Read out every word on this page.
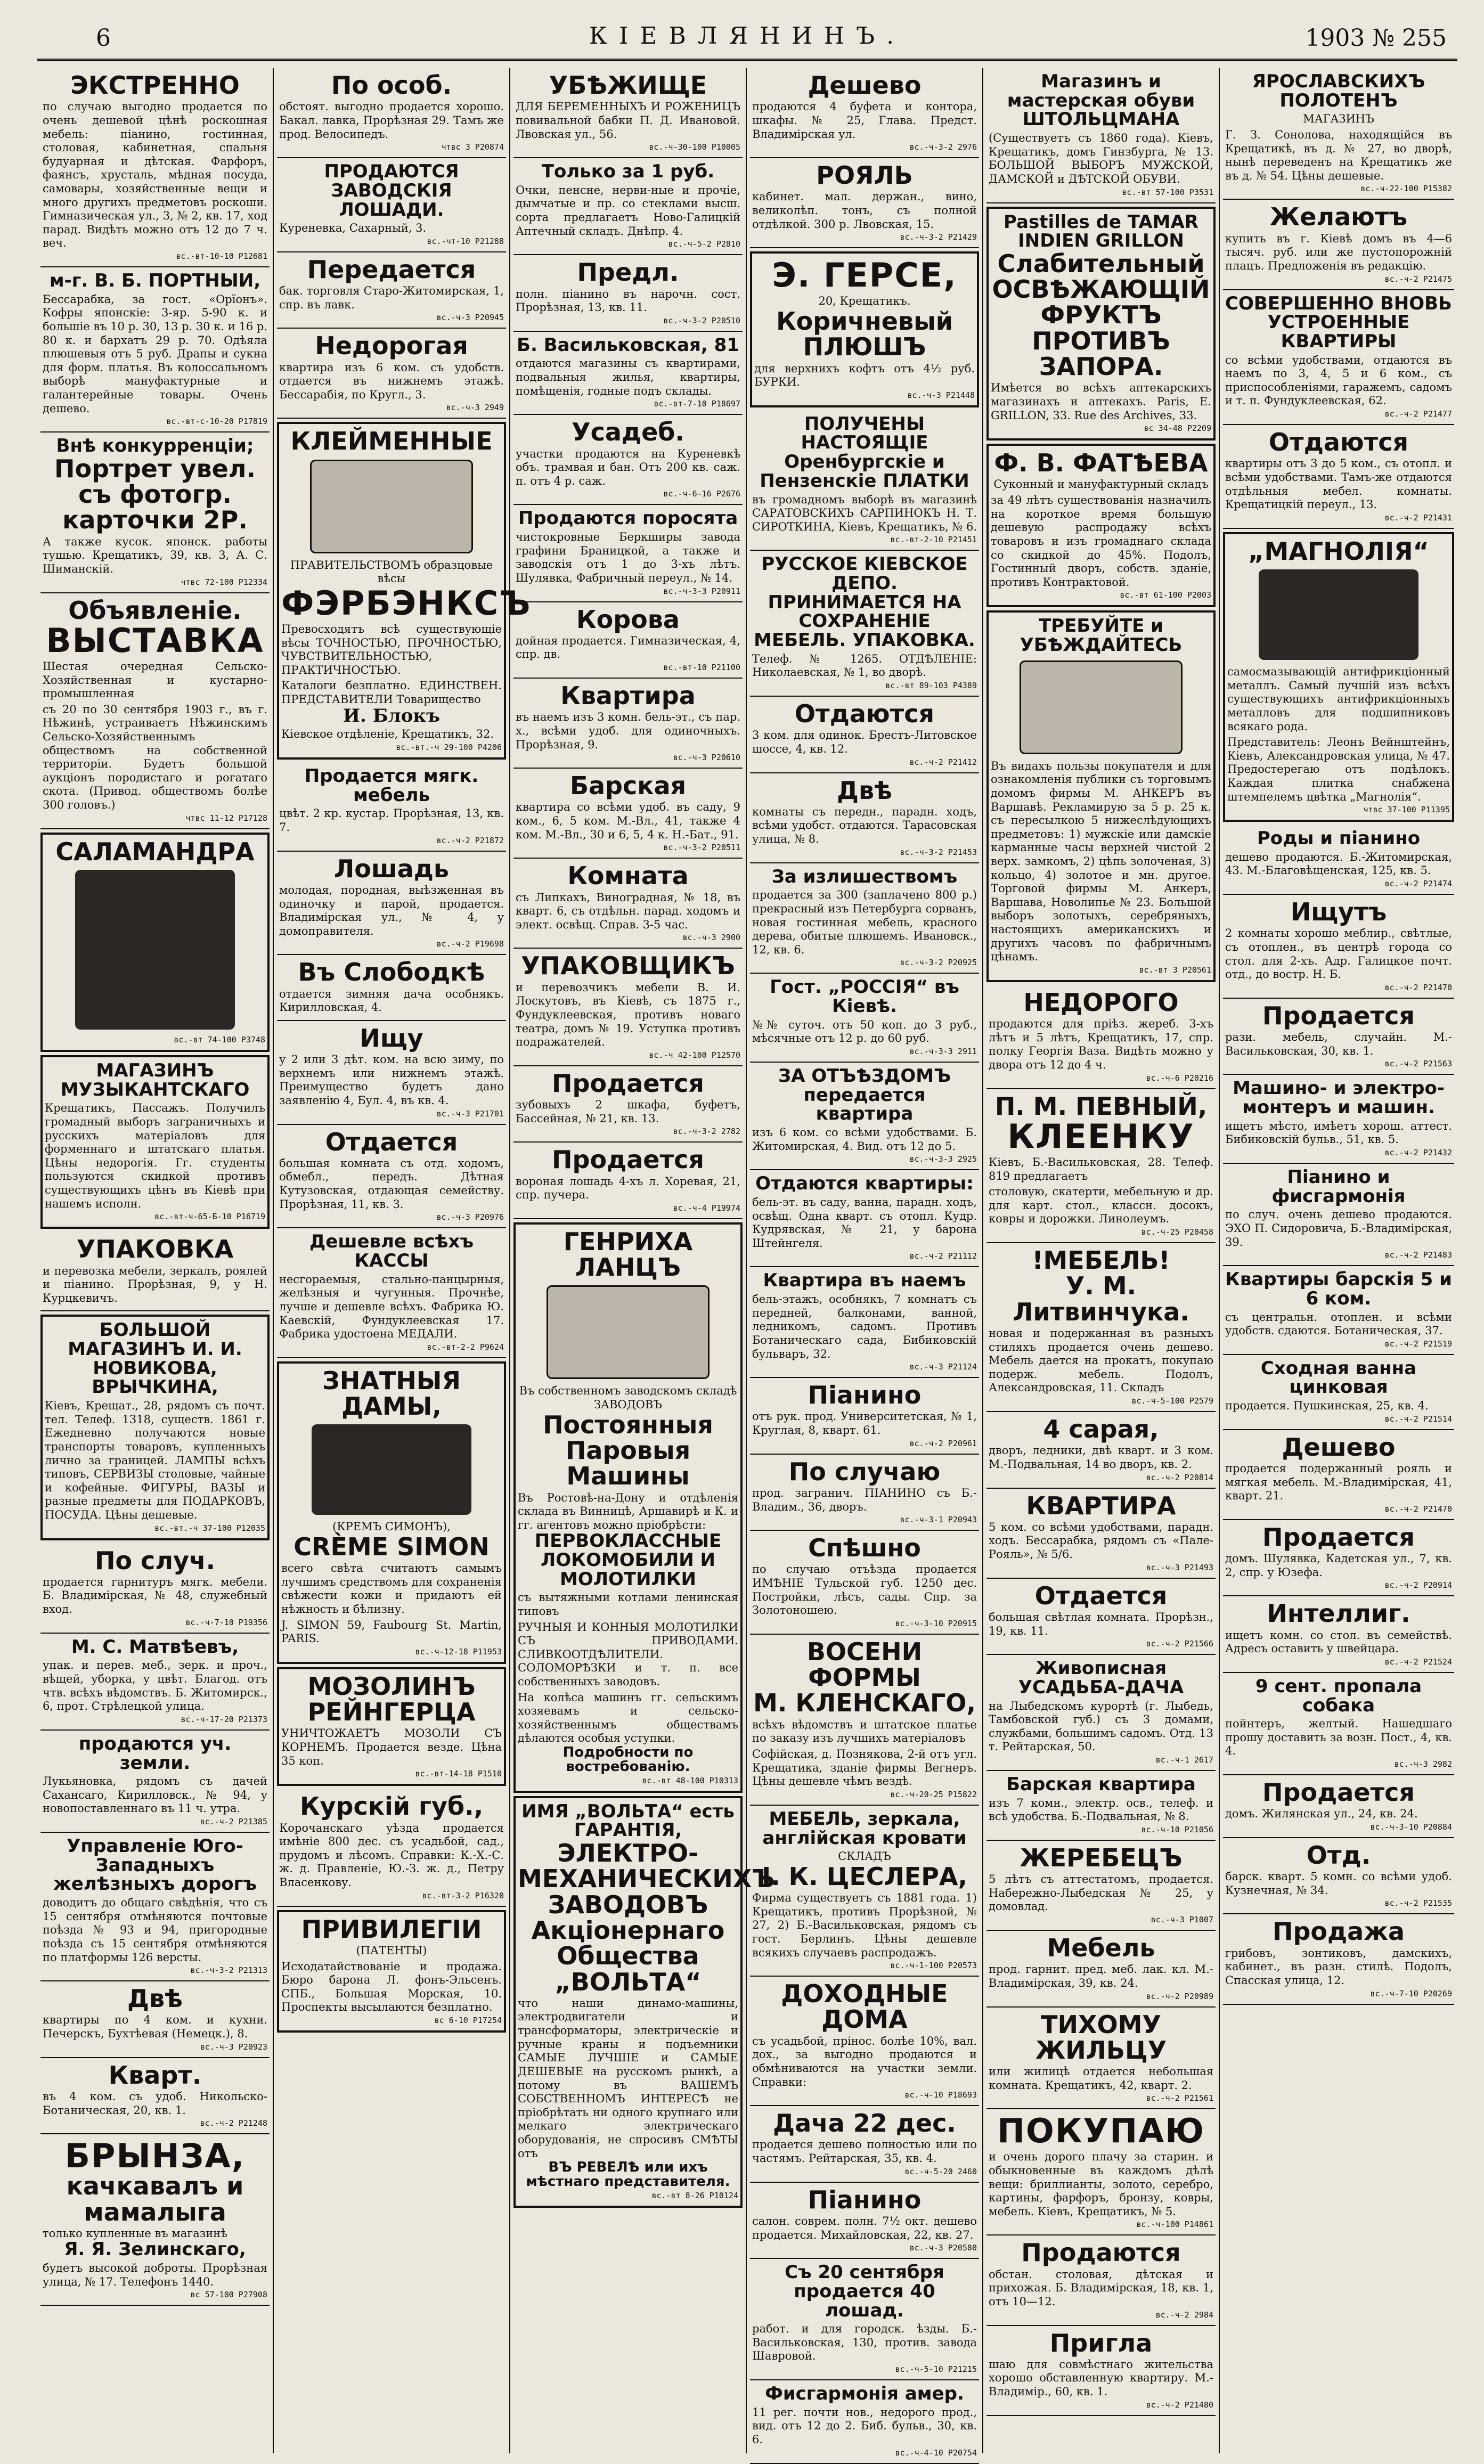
6	КІЕВЛЯНИНЪ.	1903 № 255
ЭКСТРЕННО
по случаю выгодно продается по очень дешевой цѣнѣ роскошная мебель: піанино, гостинная, столовая, кабинетная, спальня будуарная и дѣтская. Фарфоръ, фаянсъ, хрусталь, мѣдная посуда, самовары, хозяйственные вещи и много другихъ предметовъ роскоши. Гимназическая ул., 3, № 2, кв. 17, ход парад. Видѣть можно отъ 12 до 7 ч. веч.
вс.-вт-10-10 Р12681
м-г. В. Б. ПОРТНЫИ,
Бессарабка, за гост. «Орїонъ». Кофры японскіе: 3-яр. 5-90 к. и большіе въ 10 р. 30, 13 р. 30 к. и 16 р. 80 к. и бархатъ 29 р. 70. Одѣяла плюшевыя отъ 5 руб. Драпы и сукна для форм. платья. Въ колоссальномъ выборѣ мануфактурные и галантерейные товары. Очень дешево.
вс.-вт-с-10-20 Р17819
Внѣ конкурренціи;
Портрет увел. съ фотогр. карточки 2Р.
А также кусок. японск. работы тушью. Крещатикъ, 39, кв. 3, А. С. Шиманскій.
чтвс 72-100 Р12334
Объявленіе.
ВЫСТАВКА
Шестая очередная Сельско-Хозяйственная и кустарно-промышленная
съ 20 по 30 сентября 1903 г., въ г. Нѣжинѣ, устраиваетъ Нѣжинскимъ Сельско-Хозяйственнымъ обществомъ на собственной территоріи. Будетъ большой аукціонъ породистаго и рогатаго скота. (Привод. обществомъ болѣе 300 головъ.)
чтвс 11-12 Р17128
САЛАМАНДРА
вс.-вт 74-100 Р3748
МАГАЗИНЪ МУЗЫКАНТСКАГО
Крещатикъ, Пассажъ. Получилъ громадный выборъ заграничныхъ и русскихъ матеріаловъ для форменнаго и штатскаго платья. Цѣны недорогія. Гг. студенты пользуются скидкой противъ существующихъ цѣнъ въ Кіевѣ при нашемъ исполн.
вс.-вт-ч-65-Б-10 Р16719
УПАКОВКА
и перевозка мебели, зеркалъ, роялей и піанино. Прорѣзная, 9, у Н. Курцкевичъ.
БОЛЬШОЙ МАГАЗИНЪ И. И. НОВИКОВА, ВРЫЧКИНА,
Кіевъ, Крещат., 28, рядомъ съ почт. тел. Телеф. 1318, существ. 1861 г. Ежедневно получаются новые транспорты товаровъ, купленныхъ лично за границей. ЛАМПЫ всѣхъ типовъ, СЕРВИЗЫ столовые, чайные и кофейные. ФИГУРЫ, ВАЗЫ и разные предметы для ПОДАРКОВЪ, ПОСУДА. Цѣны дешевые.
вс.-вт.-ч 37-100 Р12035
По случ.
продается гарнитуръ мягк. мебели. Б. Владимірская, № 48, служебный вход.
вс.-ч-7-10 Р19356
М. С. Матвѣевъ,
упак. и перев. меб., зерк. и проч., вѣщей, уборка, у цвѣт. Благод. отъ чтв. всѣхъ вѣдомствъ. Б. Житомирск., 6, прот. Стрѣлецкой улица.
вс.-ч-17-20 Р21373
продаются уч. земли.
Лукьяновка, рядомъ съ дачей Сахансаго, Кирилловск., № 94, у новопоставленнаго въ 11 ч. утра.
вс.-ч-2 Р21385
Управленіе Юго-Западныхъ желѣзныхъ дорогъ
доводитъ до общаго свѣдѣнія, что съ 15 сентября отмѣняются почтовые поѣзда № 93 и 94, пригородные поѣзда съ 15 сентября отмѣняются по платформы 126 версты.
вс.-ч-3-2 Р21313
Двѣ
квартиры по 4 ком. и кухни. Печерскъ, Бухтѣевая (Немецк.), 8.
вс.-ч-3 Р20923
Кварт.
въ 4 ком. съ удоб. Никольско-Ботаническая, 20, кв. 1.
вс.-ч-2 Р21248
БРЫНЗА,
качкавалъ и мамалыга
только купленные въ магазинѣ
Я. Я. Зелинскаго,
будетъ высокой доброты. Прорѣзная улица, № 17. Телефонъ 1440.
вс 57-100 Р27908
По особ.
обстоят. выгодно продается хорошо. Бакал. лавка, Прорѣзная 29. Тамъ же прод. Велосипедъ.
чтвс 3 Р20874
ПРОДАЮТСЯ ЗАВОДСКІЯ ЛОШАДИ.
Куреневка, Сахарный, 3.
вс.-чт-10 Р21288
Передается
бак. торговля Старо-Житомирская, 1, спр. въ лавк.
вс.-ч-3 Р20945
Недорогая
квартира изъ 6 ком. съ удобств. отдается въ нижнемъ этажѣ. Бессарабія, по Кругл., 3.
вс.-ч-3 2949
КЛЕЙМЕННЫЕ
ПРАВИТЕЛЬСТВОМЪ образцовые вѣсы
ФЭРБЭНКСЪ
Превосходятъ всѣ существующіе вѣсы ТОЧНОСТЬЮ, ПРОЧНОСТЬЮ, ЧУВСТВИТЕЛЬНОСТЬЮ, ПРАКТИЧНОСТЬЮ.
Каталоги безплатно. ЕДИНСТВЕН. ПРЕДСТАВИТЕЛИ Товарищество
И. Блокъ
Кіевское отдѣленіе, Крещатикъ, 32.
вс.-вт.-ч 29-100 Р4206
Продается мягк. мебель
цвѣт. 2 кр. кустар. Прорѣзная, 13, кв. 7.
вс.-ч-2 Р21872
Лошадь
молодая, породная, выѣзженная въ одиночку и парой, продается. Владимірская ул., № 4, у домоправителя.
вс.-ч-2 Р19698
Въ Слободкѣ
отдается зимняя дача особнякъ. Кирилловская, 4.
Ищу
у 2 или 3 дѣт. ком. на всю зиму, по верхнемъ или нижнемъ этажѣ. Преимущество будетъ дано заявленію 4, Бул. 4, въ кв. 4.
вс.-ч-3 Р21701
Отдается
большая комната съ отд. ходомъ, обмебл., передъ. Дѣтная Кутузовская, отдающая семейству. Прорѣзная, 11, кв. 3.
вс.-ч-3 Р20976
Дешевле всѣхъ КАССЫ
несгораемыя, стально-панцырныя, желѣзныя и чугунныя. Прочнѣе, лучше и дешевле всѣхъ. Фабрика Ю. Каевскій, Фундуклеевская 17. Фабрика удостоена МЕДАЛИ.
вс.-вт-2-2 Р9624
ЗНАТНЫЯ ДАМЫ,
(КРЕМЪ СИМОНЪ),
CRÈME SIMON
всего свѣта считаютъ самымъ лучшимъ средствомъ для сохраненія свѣжести кожи и придаютъ ей нѣжность и бѣлизну.
J. SIMON 59, Faubourg St. Martin, PARIS.
вс.-ч-12-18 Р11953
МОЗОЛИНЪ
РЕЙНГЕРЦА
УНИЧТОЖАЕТЪ МОЗОЛИ СЪ КОРНЕМЪ. Продается везде. Цѣна 35 коп.
вс.-вт-14-18 Р1510
Курскій губ.,
Корочанскаго уѣзда продается имѣніе 800 дес. съ усадьбой, сад., прудомъ и лѣсомъ. Справки: К.-Х.-С. ж. д. Правленіе, Ю.-З. ж. д., Петру Власенкову.
вс.-вт-3-2 Р16320
ПРИВИЛЕГІИ
(ПАТЕНТЫ)
Исходатайствованіе и продажа. Бюро барона Л. фонъ-Эльсенъ. СПБ., Большая Морская, 10. Проспекты высылаются безплатно.
вс 6-10 Р17254
УБѢЖИЩЕ
ДЛЯ БЕРЕМЕННЫХЪ И РОЖЕНИЦЪ повивальной бабки П. Д. Ивановой. Лвовская ул., 56.
вс.-ч-30-100 Р10005
Только за 1 руб.
Очки, пенсне, нерви-ные и прочіе, дымчатые и пр. со стеклами высш. сорта предлагаетъ Ново-Галицкій Аптечный складъ. Днѣпр. 4.
вс.-ч-5-2 Р2810
Предл.
полн. піанино въ нарочн. сост. Прорѣзная, 13, кв. 11.
вс.-ч-3-2 Р20510
Б. Васильковская, 81
отдаются магазины съ квартирами, подвальныя жилья, квартиры, помѣщенія, годные подъ склады.
вс.-вт-7-10 Р18697
Усадеб.
участки продаются на Куреневкѣ объ. трамвая и бан. Отъ 200 кв. саж. п. отъ 4 р. саж.
вс.-ч-6-16 Р2676
Продаются поросята
чистокровные Беркширы завода графини Браницкой, а также и заводскія отъ 1 до 3-хъ лѣтъ. Шулявка, Фабричный переул., № 14.
вс.-ч-3-3 Р20911
Корова
дойная продается. Гимназическая, 4, спр. дв.
вс.-вт-10 Р21100
Квартира
въ наемъ изъ 3 комн. бель-эт., съ пар. х., всѣми удоб. для одиночныхъ. Прорѣзная, 9.
вс.-ч-3 Р20610
Барская
квартира со всѣми удоб. въ саду, 9 ком., 6, 5 ком. М.-Вл., 41, также 4 ком. М.-Вл., 30 и 6, 5, 4 к. Н.-Бат., 91.
вс.-ч-3-2 Р20511
Комната
съ Липкахъ, Виноградная, № 18, въ кварт. 6, съ отдѣльн. парад. ходомъ и элект. освѣщ. Справ. 3-5 час.
вс.-ч-3 2900
УПАКОВЩИКЪ
и перевозчикъ мебели В. И. Лоскутовъ, въ Кіевѣ, съ 1875 г., Фундуклеевская, противъ новаго театра, домъ № 19. Уступка противъ подражателей.
вс.-ч 42-100 Р12570
Продается
зубовыхъ 2 шкафа, буфетъ, Бассейная, № 21, кв. 13.
вс.-ч-3-2 2782
Продается
вороная лошадь 4-хъ л. Хоревая, 21, спр. пучера.
вс.-ч-4 Р19974
ГЕНРИХА ЛАНЦЪ
Въ собственномъ заводскомъ складѣ ЗАВОДОВЪ
Постоянныя Паровыя Машины
Въ Ростовѣ-на-Дону и отдѣленія склада въ Винницѣ, Аршавирѣ и К. и гг. агентовъ можно пріобрѣсти:
ПЕРВОКЛАССНЫЕ ЛОКОМОБИЛИ И МОЛОТИЛКИ
съ вытяжными котлами ленинская типовъ
РУЧНЫЯ И КОННЫЯ МОЛОТИЛКИ СЪ ПРИВОДАМИ. СЛИВКООТДѢЛИТЕЛИ. СОЛОМОРѢЗКИ и т. п. все собственныхъ заводовъ.
На колѣса машинъ гг. сельскимъ хозяевамъ и сельско-хозяйственнымъ обществамъ дѣлаются особыя уступки.
Подробности по востребованію.
вс.-вт 48-100 Р10313
ИМЯ „ВОЛЬТА“ есть ГАРАНТІЯ,
ЭЛЕКТРО-МЕХАНИЧЕСКИХЪ ЗАВОДОВЪ Акціонернаго Общества „ВОЛЬТА“
что наши динамо-машины, электродвигатели и трансформаторы, электрическіе и ручные краны и подъемники САМЫЕ ЛУЧШІЕ и САМЫЕ ДЕШЕВЫЕ на русскомъ рынкѣ, а потому въ ВАШЕМЪ СОБСТВЕННОМЪ ИНТЕРЕСѢ не пріобрѣтать ни одного крупнаго или мелкаго электрическаго оборудованія, не спросивъ СМѢТЫ отъ
ВЪ РЕВЕЛѢ или ихъ мѣстнаго представителя.
вс.-вт 8-26 Р10124
Дешево
продаются 4 буфета и контора, шкафы. № 25, Глава. Предст. Владимірская ул.
вс.-ч-3-2 2976
РОЯЛЬ
кабинет. мал. держан., вино, великолѣп. тонъ, съ полной отдѣлкой. 300 р. Лвовская, 15.
вс.-ч-3-2 Р21429
Э. ГЕРСЕ,
20, Крещатикъ.
Коричневый ПЛЮШЪ
для верхнихъ кофтъ отъ 4½ руб. БУРКИ.
вс.-ч-3 Р21448
ПОЛУЧЕНЫ НАСТОЯЩІЕ Оренбургскіе и Пензенскіе ПЛАТКИ
въ громадномъ выборѣ въ магазинѣ САРАТОВСКИХЪ САРПИНОКЪ Н. Т. СИРОТКИНА, Кіевъ, Крещатикъ, № 6.
вс.-вт-2-10 Р21451
РУССКОЕ КІЕВСКОЕ ДЕПО. ПРИНИМАЕТСЯ НА СОХРАНЕНІЕ МЕБЕЛЬ. УПАКОВКА.
Телеф. № 1265. ОТДѢЛЕНІЕ: Николаевская, № 1, во дворѣ.
вс.-вт 89-103 Р4389
Отдаются
3 ком. для одинок. Брестъ-Литовское шоссе, 4, кв. 12.
вс.-ч-2 Р21412
Двѣ
комнаты съ передн., парадн. ходъ, всѣми удобст. отдаются. Тарасовская улица, № 8.
вс.-ч-3-2 Р21453
За излишествомъ
продается за 300 (заплачено 800 р.) прекрасный изъ Петербурга сорванъ, новая гостинная мебель, красного дерева, обитые плюшемъ. Ивановск., 12, кв. 6.
вс.-ч-3-2 Р20925
Гост. „РОССІЯ“ въ Кіевѣ.
№№ суточ. отъ 50 коп. до 3 руб., мѣсячные отъ 12 р. до 60 руб.
вс.-ч-3-3 2911
ЗА ОТЪѢЗДОМЪ передается квартира
изъ 6 ком. со всѣми удобствами. Б. Житомирская, 4. Вид. отъ 12 до 5.
вс.-ч-3-3 2925
Отдаются квартиры:
бель-эт. въ саду, ванна, парадн. ходъ, освѣщ. Одна кварт. съ отопл. Кудр. Кудрявская, № 21, у барона Штейнгеля.
вс.-ч-2 Р21112
Квартира въ наемъ
бель-этажъ, особнякъ, 7 комнатъ съ передней, балконами, ванной, ледникомъ, садомъ. Противъ Ботаническаго сада, Бибиковскій бульваръ, 32.
вс.-ч-3 Р21124
Піанино
отъ рук. прод. Университетская, № 1, Круглая, 8, кварт. 61.
вс.-ч-2 Р20961
По случаю
прод. загранич. ПІАНИНО съ Б.-Владим., 36, дворъ.
вс.-ч-3-1 Р20943
Спѣшно
по случаю отъѣзда продается ИМѢНІЕ Тульской губ. 1250 дес. Постройки, лѣсъ, сады. Спр. за Золотоношею.
вс.-ч-3-10 Р20915
ВОСЕНИ ФОРМЫ
М. КЛЕНСКАГО,
всѣхъ вѣдомствъ и штатское платье по заказу изъ лучшихъ матеріаловъ
Софійская, д. Познякова, 2-й отъ угл. Крещатика, зданіе фирмы Вегнеръ. Цѣны дешевле чѣмъ вездѣ.
вс.-ч-20-25 Р15822
МЕБЕЛЬ, зеркала, англійская кровати
СКЛАДЪ
І. К. ЦЕСЛЕРА,
Фирма существуетъ съ 1881 года. 1) Крещатикъ, противъ Прорѣзной, № 27, 2) Б.-Васильковская, рядомъ съ гост. Берлинъ. Цѣны дешевле всякихъ случаевъ распродажъ.
вс.-ч-1-100 Р20573
ДОХОДНЫЕ ДОМА
съ усадьбой, прінос. болѣе 10%, вал. дох., за выгодно продаются и обмѣниваются на участки земли. Справки:
вс.-ч-10 Р18693
Дача 22 дес.
продается дешево полностью или по частямъ. Рейтарская, 35, кв. 4.
вс.-ч-5-20 2460
Піанино
салон. соврем. полн. 7½ окт. дешево продается. Михайловская, 22, кв. 27.
вс.-ч-3 Р20580
Съ 20 сентября продается 40 лошад.
работ. и для городск. ѣзды. Б.-Васильковская, 130, против. завода Шавровой.
вс.-ч-5-10 Р21215
Фисгармонія амер.
11 рег. почти нов., недорого прод., вид. отъ 12 до 2. Биб. бульв., 30, кв. 6.
вс.-ч-4-10 Р20754
Магазинъ и мастерская обуви ШТОЛЬЦМАНА
(Существуетъ съ 1860 года). Кіевъ, Крещатикъ, домъ Гинзбурга, № 13. БОЛЬШОЙ ВЫБОРЪ МУЖСКОЙ, ДАМСКОЙ и ДѢТСКОЙ ОБУВИ.
вс.-вт 57-100 Р3531
Pastilles de TAMAR INDIEN GRILLON
Слабительный ОСВѢЖАЮЩІЙ ФРУКТЪ ПРОТИВЪ ЗАПОРА.
Имѣется во всѣхъ аптекарскихъ магазинахъ и аптекахъ. Paris, E. GRILLON, 33. Rue des Archives, 33.
вс 34-48 Р2209
Ф. В. ФАТѢЕВА
Суконный и мануфактурный складъ
за 49 лѣтъ существованія назначилъ на короткое время большую дешевую распродажу всѣхъ товаровъ и изъ громаднаго склада со скидкой до 45%. Подолъ, Гостинный дворъ, собств. зданіе, противъ Контрактовой.
вс.-вт 61-100 Р2003
ТРЕБУЙТЕ и УБѢЖДАЙТЕСЬ
Въ видахъ пользы покупателя и для ознакомленія публики съ торговымъ домомъ фирмы М. АНКЕРЪ въ Варшавѣ. Рекламирую за 5 р. 25 к. съ пересылкою 5 нижеслѣдующихъ предметовъ: 1) мужскіе или дамскіе карманные часы верхней чистой 2 верх. замкомъ, 2) цѣпь золоченая, 3) кольцо, 4) золотое и мн. другое. Торговой фирмы М. Анкеръ, Варшава, Новолипье № 23. Большой выборъ золотыхъ, серебряныхъ, настоящихъ американскихъ и другихъ часовъ по фабричнымъ цѣнамъ.
вс.-вт 3 Р20561
НЕДОРОГО
продаются для пріѣз. жереб. 3-хъ лѣтъ и 5 лѣтъ, Крещатикъ, 17, спр. полку Георгія Ваза. Видѣть можно у двора отъ 12 до 4 ч.
вс.-ч-6 Р20216
П. М. ПЕВНЫЙ,
КЛЕЕНКУ
Кіевъ, Б.-Васильковская, 28. Телеф. 819 предлагаетъ
столовую, скатерти, мебельную и др. для карт. стол., классн. досокъ, ковры и дорожки. Линолеумъ.
вс.-ч-25 Р20458
!МЕБЕЛЬ!
У. М. Литвинчука.
новая и подержанная въ разныхъ стиляхъ продается очень дешево. Мебель дается на прокатъ, покупаю подерж. мебель. Подолъ, Александровская, 11. Складъ
вс.-ч-5-100 Р2579
4 сарая,
дворъ, ледники, двѣ кварт. и 3 ком. М.-Подвальная, 14 во дворъ, кв. 2.
вс.-ч-2 Р20814
КВАРТИРА
5 ком. со всѣми удобствами, парадн. ходъ. Бессарабка, рядомъ съ «Пале-Рояль», № 5/6.
вс.-ч-3 Р21493
Отдается
большая свѣтлая комната. Прорѣзн., 19, кв. 11.
вс.-ч-2 Р21566
Живописная УСАДЬБА-ДАЧА
на Лыбедскомъ курортѣ (г. Лыбедь, Тамбовской губ.) съ 3 домами, службами, большимъ садомъ. Отд. 13 т. Рейтарская, 50.
вс.-ч-1 2617
Барская квартира
изъ 7 комн., электр. осв., телеф. и всѣ удобства. Б.-Подвальная, № 8.
вс.-ч-10 Р21056
ЖЕРЕБЕЦЪ
5 лѣтъ съ аттестатомъ, продается. Набережно-Лыбедская № 25, у домовлад.
вс.-ч-3 Р1007
Мебель
прод. гарнит. пред. меб. лак. кл. М.-Владимірская, 39, кв. 24.
вс.-ч-2 Р20989
ТИХОМУ ЖИЛЬЦУ
или жилицѣ отдается небольшая комната. Крещатикъ, 42, кварт. 2.
вс.-ч-2 Р21561
ПОКУПАЮ
и очень дорого плачу за старин. и обыкновенные въ каждомъ дѣлѣ вещи: бриллианты, золото, серебро, картины, фарфоръ, бронзу, ковры, мебель. Кіевъ, Крещатикъ, № 5.
вс.-ч-100 Р14861
Продаются
обстан. столовая, дѣтская и прихожая. Б. Владимірская, 18, кв. 1, отъ 10—12.
вс.-ч-2 2984
Пригла
шаю для совмѣстнаго жительства хорошо обставленную квартиру. М.-Владимір., 60, кв. 1.
вс.-ч-2 Р21480
ЯРОСЛАВСКИХЪ ПОЛОТЕНЪ
МАГАЗИНЪ
Г. З. Сонолова, находящійся въ Крещатикѣ, въ д. № 27, во дворѣ, нынѣ переведенъ на Крещатикъ же въ д. № 54. Цѣны дешевые.
вс.-ч-22-100 Р15382
Желаютъ
купить въ г. Кіевѣ домъ въ 4—6 тысяч. руб. или же пустопорожній плацъ. Предложенія въ редакцію.
вс.-ч-2 Р21475
СОВЕРШЕННО ВНОВЬ УСТРОЕННЫЕ КВАРТИРЫ
со всѣми удобствами, отдаются въ наемъ по 3, 4, 5 и 6 ком., съ приспособленіями, гаражемъ, садомъ и т. п. Фундуклеевская, 62.
вс.-ч-2 Р21477
Отдаются
квартиры отъ 3 до 5 ком., съ отопл. и всѣми удобствами. Тамъ-же отдаются отдѣльныя мебел. комнаты. Крещатицкій переул., 13.
вс.-ч-2 Р21431
„МАГНОЛІЯ“
самосмазывающій антифрикціонный металлъ. Самый лучшій изъ всѣхъ существующихъ антифрикціонныхъ металловъ для подшипниковъ всякаго рода.
Представитель: Леонъ Вейнштейнъ, Кіевъ, Александровская улица, № 47. Предостерегаю отъ подѣлокъ. Каждая плитка снабжена штемпелемъ цвѣтка „Магнолія“.
чтвс 37-100 Р11395
Роды и піанино
дешево продаются. Б.-Житомирская, 43. М.-Благовѣщенская, 125, кв. 5.
вс.-ч-2 Р21474
Ищутъ
2 комнаты хорошо меблир., свѣтлые, съ отоплен., въ центрѣ города со стол. для 2-хъ. Адр. Галицкое почт. отд., до востр. Н. Б.
вс.-ч-2 Р21470
Продается
рази. мебель, случайн. М.-Васильковская, 30, кв. 1.
вс.-ч-2 Р21563
Машино- и электро-монтеръ и машин.
ищетъ мѣсто, имѣетъ хорош. аттест. Бибиковскій бульв., 51, кв. 5.
вс.-ч-2 Р21432
Піанино и фисгармонія
по случ. очень дешево продаются. ЭХО П. Сидоровича, Б.-Владимірская, 39.
вс.-ч-2 Р21483
Квартиры барскія 5 и 6 ком.
съ центральн. отоплен. и всѣми удобств. сдаются. Ботаническая, 37.
вс.-ч-2 Р21519
Сходная ванна цинковая
продается. Пушкинская, 25, кв. 4.
вс.-ч-2 Р21514
Дешево
продается подержанный рояль и мягкая мебель. М.-Владимірская, 41, кварт. 21.
вс.-ч-2 Р21470
Продается
домъ. Шулявка, Кадетская ул., 7, кв. 2, спр. у Юзефа.
вс.-ч-2 Р20914
Интеллиг.
ищетъ комн. со стол. въ семействѣ. Адресъ оставить у швейцара.
вс.-ч-2 Р21524
9 сент. пропала собака
пойнтеръ, желтый. Нашедшаго прошу доставить за возн. Пост., 4, кв. 4.
вс.-ч-3 2982
Продается
домъ. Жилянская ул., 24, кв. 24.
вс.-ч-3-10 Р20884
Отд.
барск. кварт. 5 комн. со всѣми удоб. Кузнечная, № 34.
вс.-ч-2 Р21535
Продажа
грибовъ, зонтиковъ, дамскихъ, кабинет., въ разн. стилѣ. Подолъ, Спасская улица, 12.
вс.-ч-7-10 Р20269
